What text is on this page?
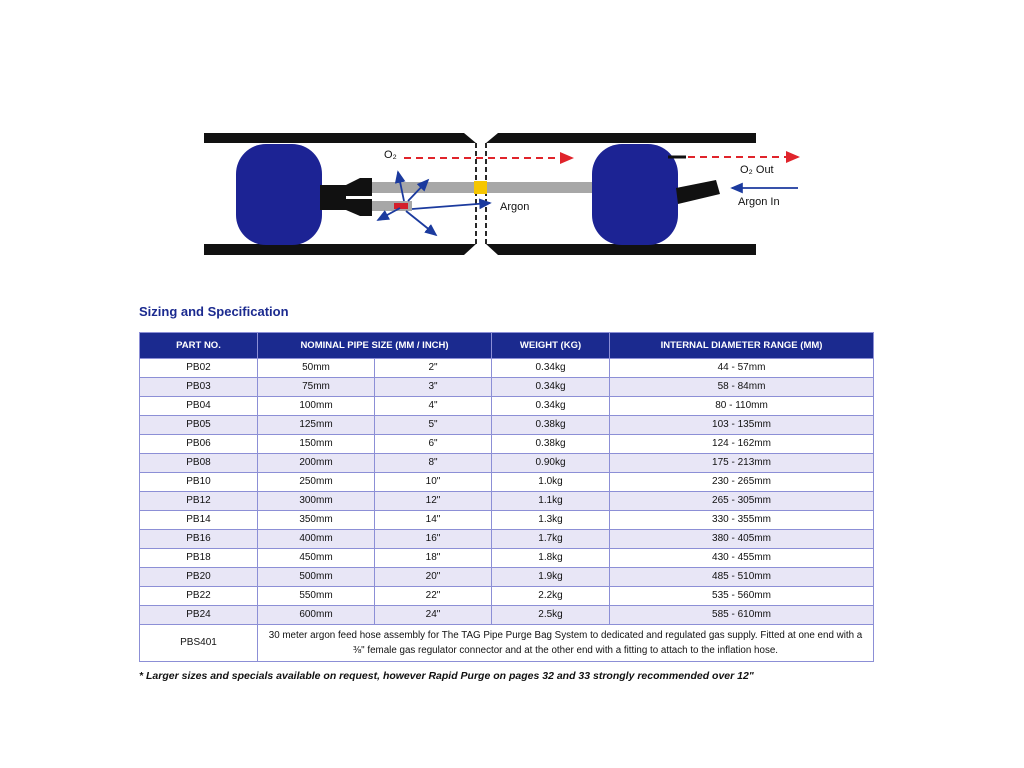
O₂
Argon
O₂ Out
Argon In
Sizing and Specification
PART NO.	NOMINAL PIPE SIZE (MM / INCH)		WEIGHT (KG)	INTERNAL DIAMETER RANGE (MM)
PB02	50mm	2"	0.34kg	44 - 57mm
PB03	75mm	3"	0.34kg	58 - 84mm
PB04	100mm	4"	0.34kg	80 - 110mm
PB05	125mm	5"	0.38kg	103 - 135mm
PB06	150mm	6"	0.38kg	124 - 162mm
PB08	200mm	8"	0.90kg	175 - 213mm
PB10	250mm	10"	1.0kg	230 - 265mm
PB12	300mm	12"	1.1kg	265 - 305mm
PB14	350mm	14"	1.3kg	330 - 355mm
PB16	400mm	16"	1.7kg	380 - 405mm
PB18	450mm	18"	1.8kg	430 - 455mm
PB20	500mm	20"	1.9kg	485 - 510mm
PB22	550mm	22"	2.2kg	535 - 560mm
PB24	600mm	24"	2.5kg	585 - 610mm
PBS401	30 meter argon feed hose assembly for The TAG Pipe Purge Bag System to dedicated and regulated gas supply. Fitted at one end with a ⅜" female gas regulator connector and at the other end with a fitting to attach to the inflation hose.			
* Larger sizes and specials available on request, however Rapid Purge on pages 32 and 33 strongly recommended over 12"
